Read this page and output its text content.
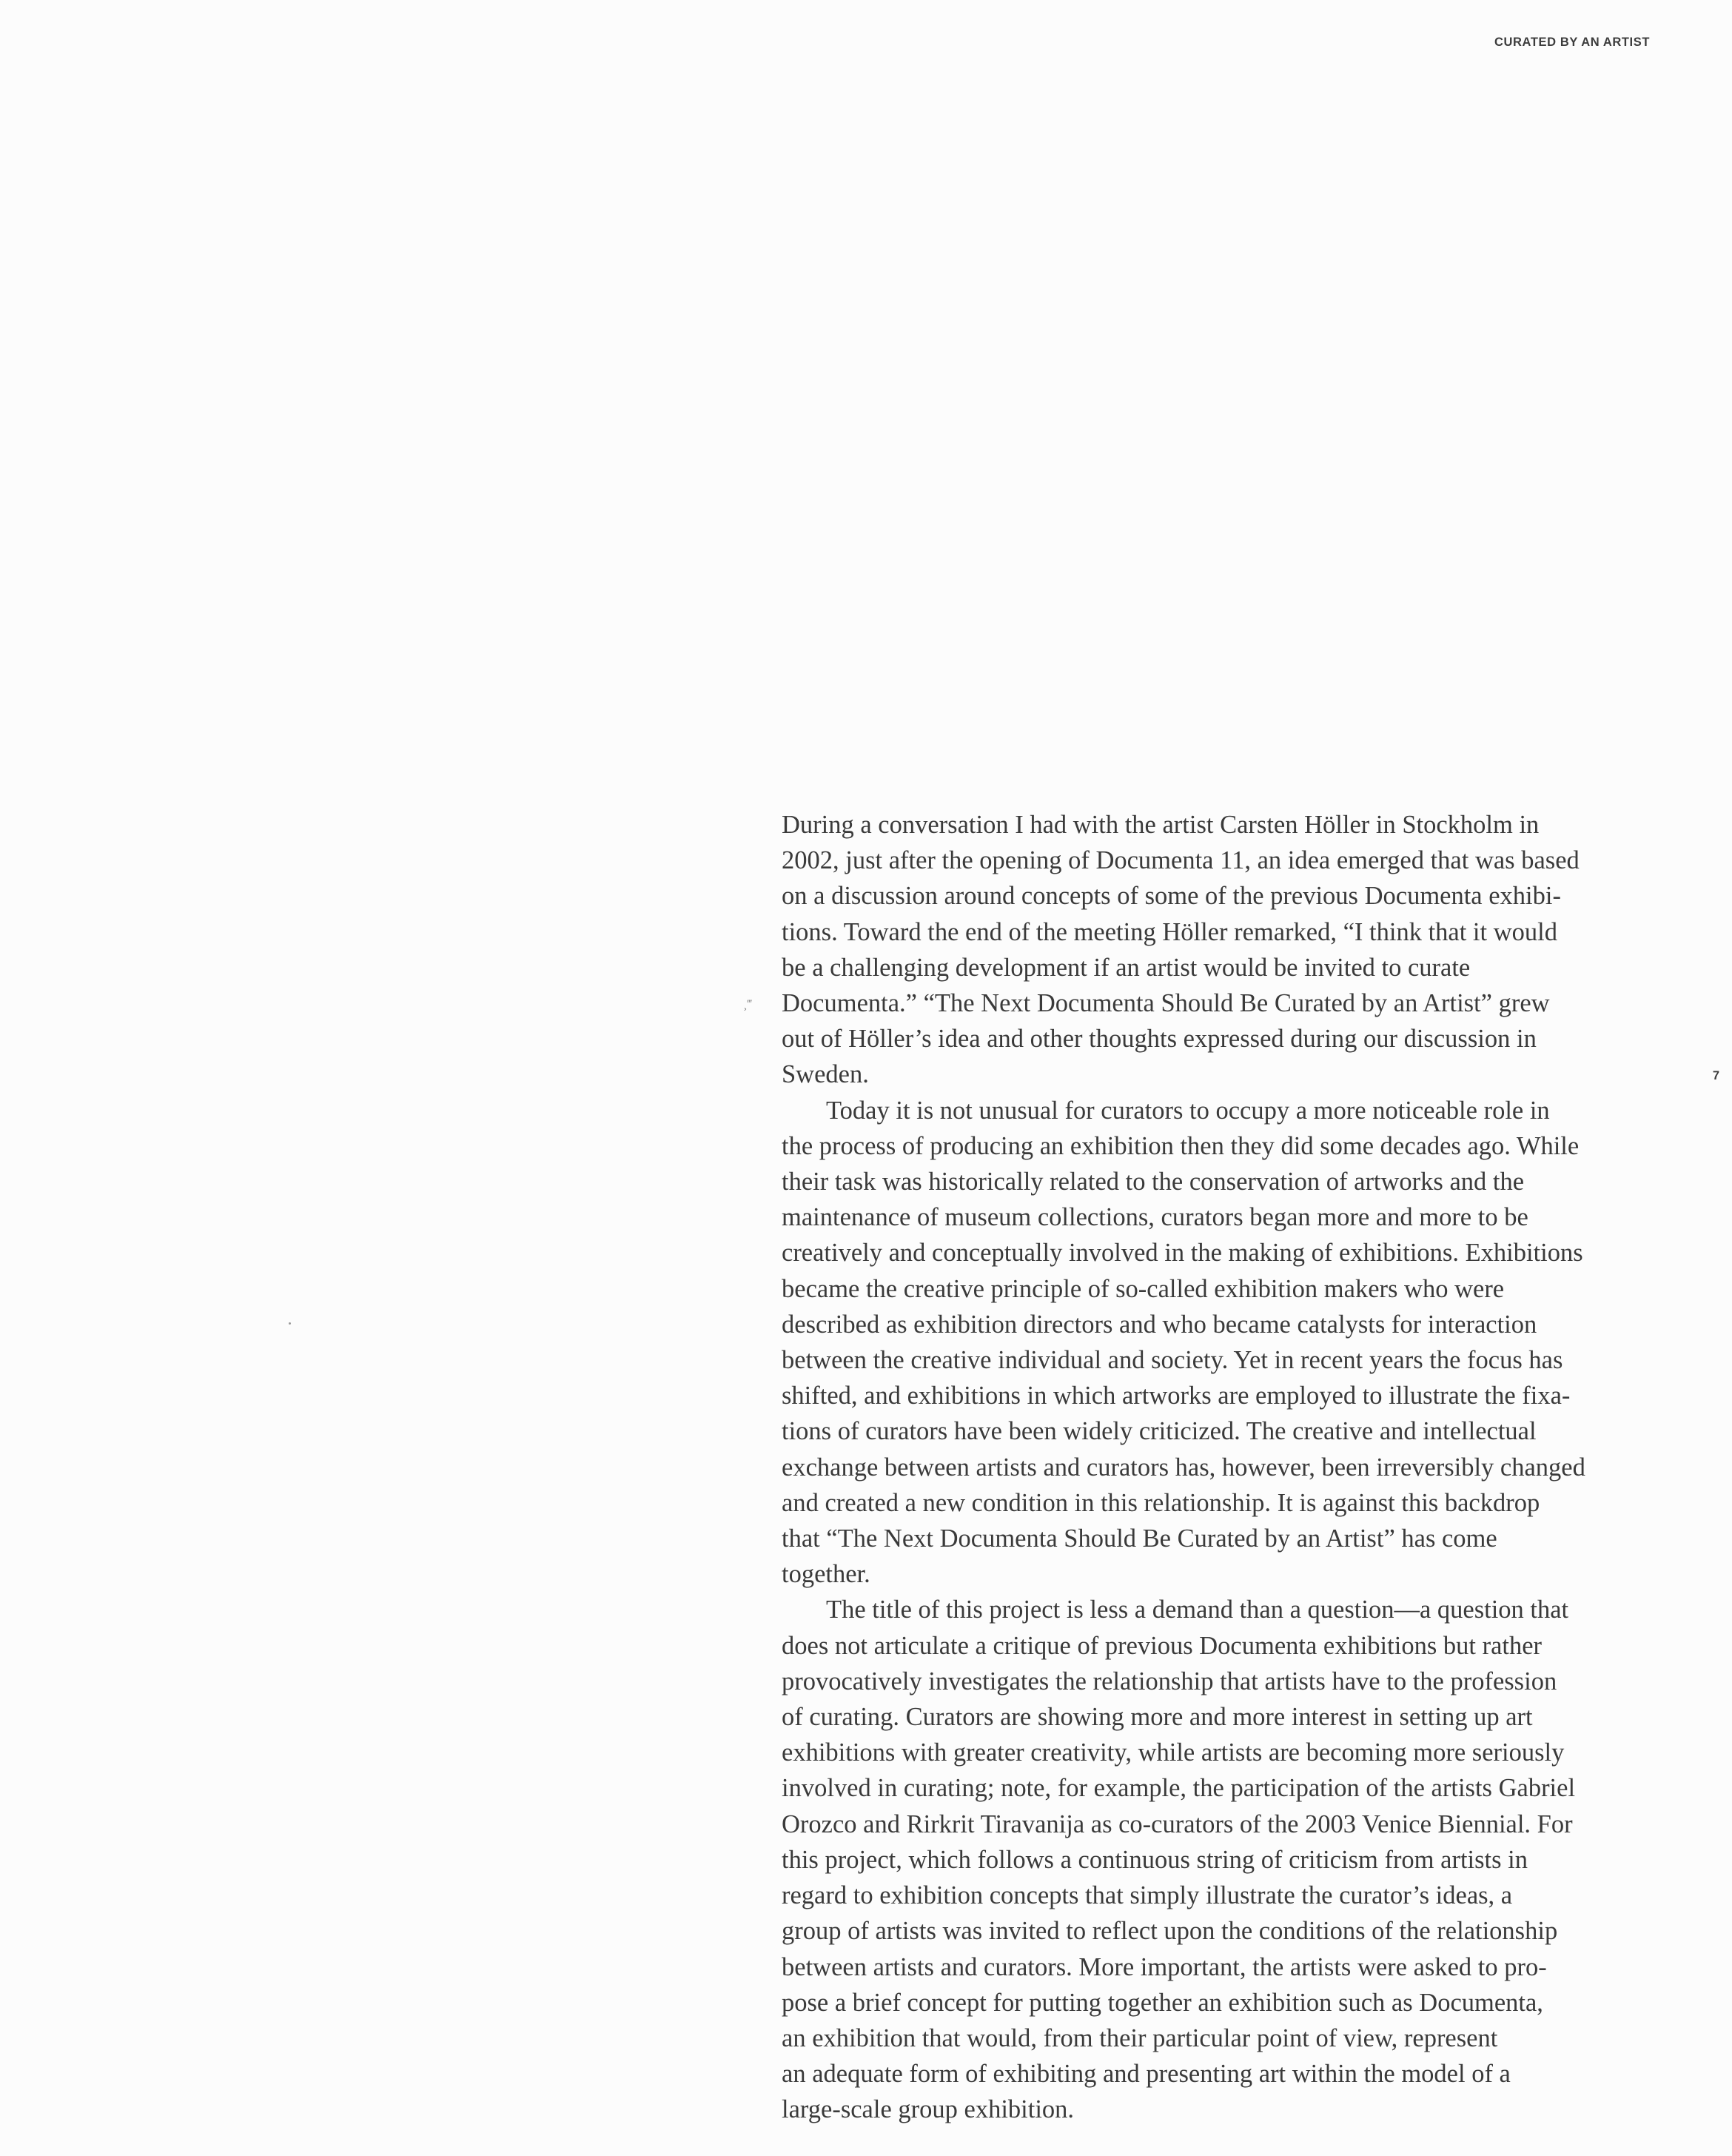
CURATED BY AN ARTIST
¸‴
7
During a conversation I had with the artist Carsten Höller in Stockholm in
2002, just after the opening of Documenta 11, an idea emerged that was based
on a discussion around concepts of some of the previous Documenta exhibi-
tions. Toward the end of the meeting Höller remarked, “I think that it would
be a challenging development if an artist would be invited to curate
Documenta.” “The Next Documenta Should Be Curated by an Artist” grew
out of Höller’s idea and other thoughts expressed during our discussion in
Sweden.
Today it is not unusual for curators to occupy a more noticeable role in
the process of producing an exhibition then they did some decades ago. While
their task was historically related to the conservation of artworks and the
maintenance of museum collections, curators began more and more to be
creatively and conceptually involved in the making of exhibitions. Exhibitions
became the creative principle of so-called exhibition makers who were
described as exhibition directors and who became catalysts for interaction
between the creative individual and society. Yet in recent years the focus has
shifted, and exhibitions in which artworks are employed to illustrate the fixa-
tions of curators have been widely criticized. The creative and intellectual
exchange between artists and curators has, however, been irreversibly changed
and created a new condition in this relationship. It is against this backdrop
that “The Next Documenta Should Be Curated by an Artist” has come
together.
The title of this project is less a demand than a question—a question that
does not articulate a critique of previous Documenta exhibitions but rather
provocatively investigates the relationship that artists have to the profession
of curating. Curators are showing more and more interest in setting up art
exhibitions with greater creativity, while artists are becoming more seriously
involved in curating; note, for example, the participation of the artists Gabriel
Orozco and Rirkrit Tiravanija as co-curators of the 2003 Venice Biennial. For
this project, which follows a continuous string of criticism from artists in
regard to exhibition concepts that simply illustrate the curator’s ideas, a
group of artists was invited to reflect upon the conditions of the relationship
between artists and curators. More important, the artists were asked to pro-
pose a brief concept for putting together an exhibition such as Documenta,
an exhibition that would, from their particular point of view, represent
an adequate form of exhibiting and presenting art within the model of a
large-scale group exhibition.
